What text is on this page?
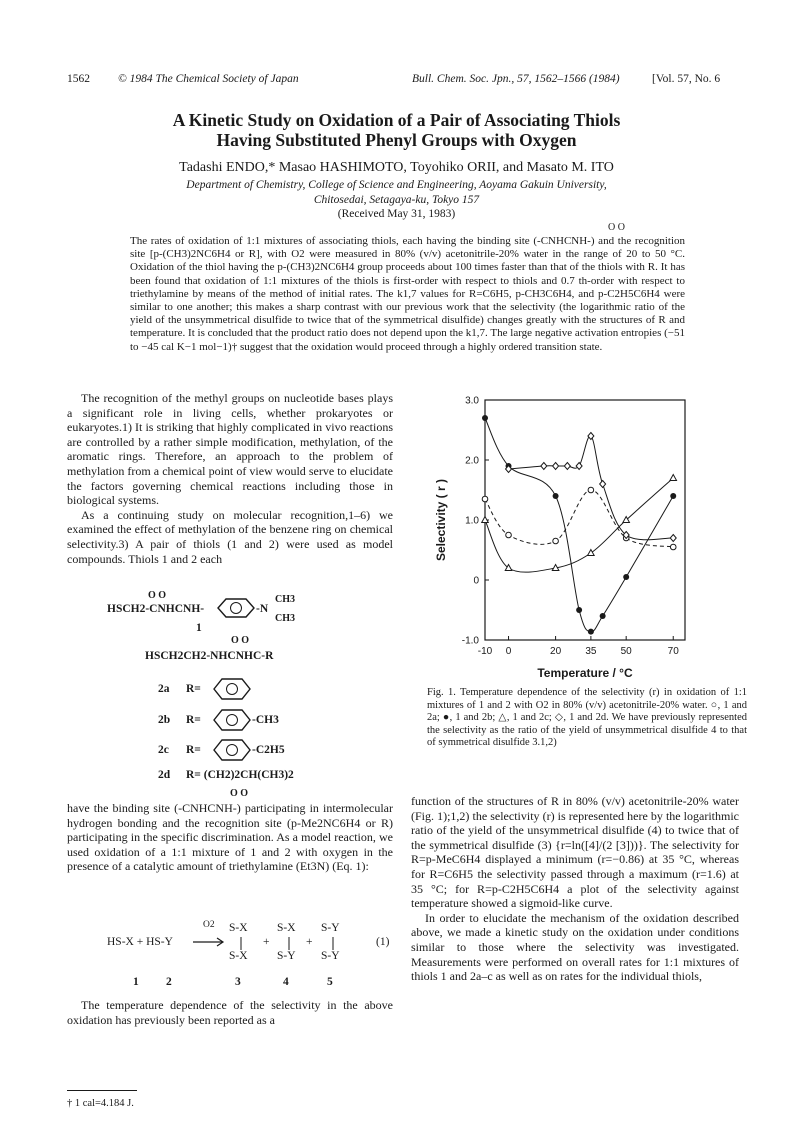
1562 © 1984 The Chemical Society of Japan	Bull. Chem. Soc. Jpn., 57, 1562–1566 (1984)	[Vol. 57, No. 6
A Kinetic Study on Oxidation of a Pair of Associating Thiols
Having Substituted Phenyl Groups with Oxygen
Tadashi ENDO,* Masao HASHIMOTO, Toyohiko ORII, and Masato M. ITO
Department of Chemistry, College of Science and Engineering, Aoyama Gakuin University,
Chitosedai, Setagaya-ku, Tokyo 157
(Received May 31, 1983)
O O
The rates of oxidation of 1:1 mixtures of associating thiols, each having the binding site (-CNHCNH-) and the recognition site [p-(CH3)2NC6H4 or R], with O2 were measured in 80% (v/v) acetonitrile-20% water in the range of 20 to 50 °C. Oxidation of the thiol having the p-(CH3)2NC6H4 group proceeds about 100 times faster than that of the thiols with R. It has been found that oxidation of 1:1 mixtures of the thiols is first-order with respect to thiols and 0.7 th-order with respect to triethylamine by means of the method of initial rates. The k1,7 values for R=C6H5, p-CH3C6H4, and p-C2H5C6H4 were similar to one another; this makes a sharp contrast with our previous work that the selectivity (the logarithmic ratio of the yield of the unsymmetrical disulfide to twice that of the symmetrical disulfide) changes greatly with the structures of R and temperature. It is concluded that the product ratio does not depend upon the k1,7. The large negative activation entropies (−51 to −45 cal K−1 mol−1)† suggest that the oxidation would proceed through a highly ordered transition state.

The recognition of the methyl groups on nucleotide bases plays a significant role in living cells, whether prokaryotes or eukaryotes.1) It is striking that highly complicated in vivo reactions are controlled by a rather simple modification, methylation, of the aromatic rings. Therefore, an approach to the problem of methylation from a chemical point of view would serve to elucidate the factors governing chemical reactions including those in biological systems.

As a continuing study on molecular recognition,1–6) we examined the effect of methylation of the benzene ring on chemical selectivity.3) A pair of thiols (1 and 2) were used as model compounds. Thiols 1 and 2 each

O O
HSCH2-CNHCNH-	-N
CH3
CH3
1
O O
HSCH2CH2-NHCNHC-R
2a R=
2b R=	-CH3
2c R=	-C2H5
2d R= (CH2)2CH(CH3)2
O O

have the binding site (-CNHCNH-) participating in intermolecular hydrogen bonding and the recognition site (p-Me2NC6H4 or R) participating in the specific discrimination. As a model reaction, we used oxidation of a 1:1 mixture of 1 and 2 with oxygen in the presence of a catalytic amount of triethylamine (Et3N) (Eq. 1):

HS-X + HS-Y
O2 S-X
S-X
+
S-X
S-Y
+
S-Y
S-Y
(1)
1 2	3	4	5

The temperature dependence of the selectivity in the above oxidation has previously been reported as a

† 1 cal=4.184 J.
-10 0	20 35 50	70
3.0
2.0
1.0
0
-1.0
Temperature / °C
Selectivity ( r )
Fig. 1. Temperature dependence of the selectivity (r) in oxidation of 1:1 mixtures of 1 and 2 with O2 in 80% (v/v) acetonitrile-20% water. ○, 1 and 2a; ●, 1 and 2b; △, 1 and 2c; ◇, 1 and 2d. We have previously represented the selectivity as the ratio of the yield of unsymmetrical disulfide 4 to that of symmetrical disulfide 3.1,2)

function of the structures of R in 80% (v/v) acetonitrile-20% water (Fig. 1);1,2) the selectivity (r) is represented here by the logarithmic ratio of the yield of the unsymmetrical disulfide (4) to twice that of the symmetrical disulfide (3) {r=ln([4]/(2 [3]))}. The selectivity for R=p-MeC6H4 displayed a minimum (r=−0.86) at 35 °C, whereas for R=C6H5 the selectivity passed through a maximum (r=1.6) at 35 °C; for R=p-C2H5C6H4 a plot of the selectivity against temperature showed a sigmoid-like curve.

In order to elucidate the mechanism of the oxidation described above, we made a kinetic study on the oxidation under conditions similar to those where the selectivity was investigated. Measurements were performed on overall rates for 1:1 mixtures of thiols 1 and 2a–c as well as on rates for the individual thiols,
